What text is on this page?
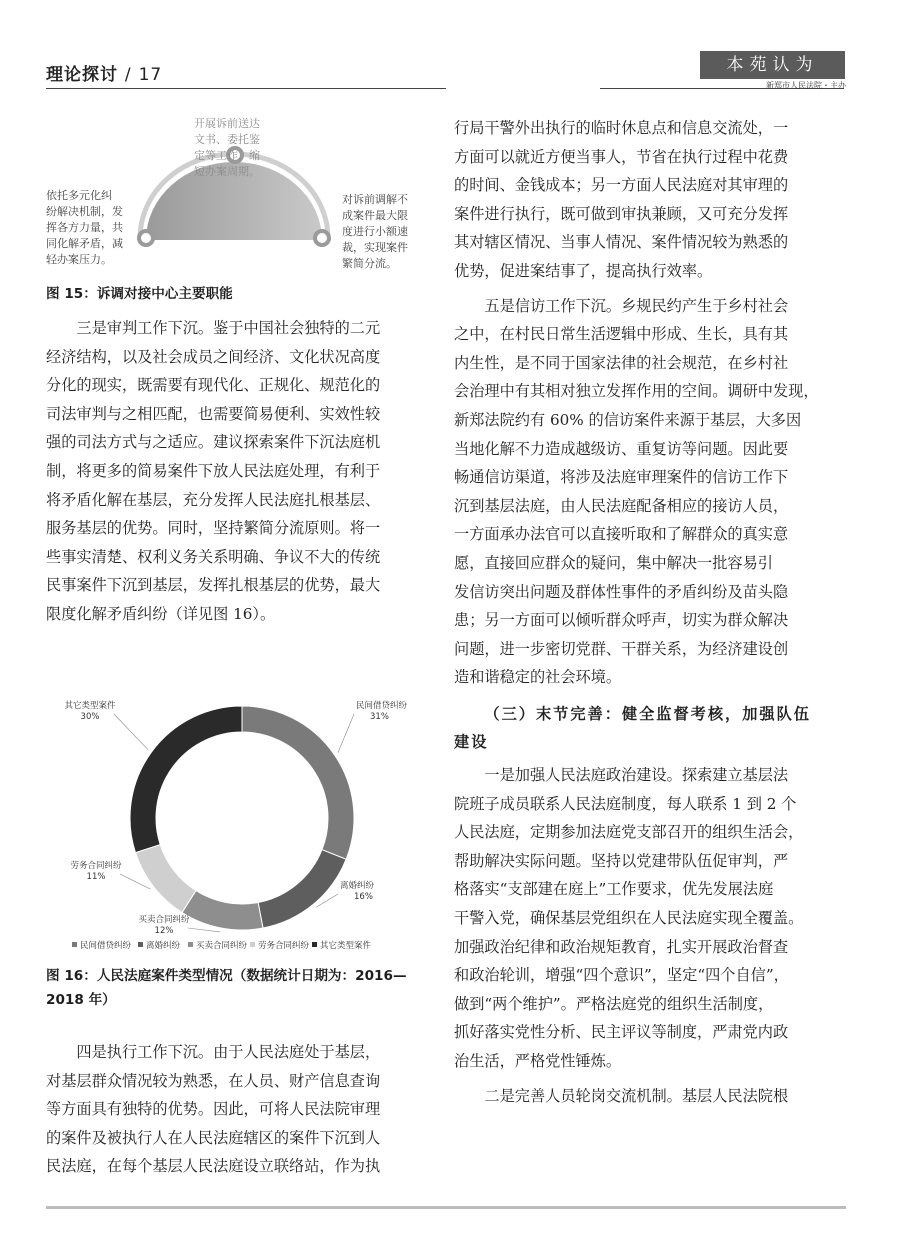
理论探讨 / 17	本苑认为
新郑市人民法院・主办
诉调对接中心
开展诉前送达
文书、委托鉴
定等工作，缩
短办案周期。
依托多元化纠
纷解决机制，发
挥各方力量，共
同化解矛盾，减
轻办案压力。
对诉前调解不
成案件最大限
度进行小额速
裁，实现案件
繁简分流。
图 15：诉调对接中心主要职能
三是审判工作下沉。鉴于中国社会独特的二元
经济结构，以及社会成员之间经济、文化状况高度
分化的现实，既需要有现代化、正规化、规范化的
司法审判与之相匹配，也需要简易便利、实效性较
强的司法方式与之适应。建议探索案件下沉法庭机
制，将更多的简易案件下放人民法庭处理，有利于
将矛盾化解在基层，充分发挥人民法庭扎根基层、
服务基层的优势。同时，坚持繁简分流原则。将一
些事实清楚、权利义务关系明确、争议不大的传统
民事案件下沉到基层，发挥扎根基层的优势，最大
限度化解矛盾纠纷（详见图 16）。
民间借贷纠纷
31%
离婚纠纷
16%
买卖合同纠纷
12%
劳务合同纠纷
11%
其它类型案件
30%
民间借贷纠纷 离婚纠纷 买卖合同纠纷 劳务合同纠纷 其它类型案件
图 16：人民法庭案件类型情况（数据统计日期为：2016—2018 年）
四是执行工作下沉。由于人民法庭处于基层，
对基层群众情况较为熟悉，在人员、财产信息查询
等方面具有独特的优势。因此，可将人民法院审理
的案件及被执行人在人民法庭辖区的案件下沉到人
民法庭，在每个基层人民法庭设立联络站，作为执
行局干警外出执行的临时休息点和信息交流处，一
方面可以就近方便当事人，节省在执行过程中花费
的时间、金钱成本；另一方面人民法庭对其审理的
案件进行执行，既可做到审执兼顾，又可充分发挥
其对辖区情况、当事人情况、案件情况较为熟悉的
优势，促进案结事了，提高执行效率。
五是信访工作下沉。乡规民约产生于乡村社会
之中，在村民日常生活逻辑中形成、生长，具有其
内生性，是不同于国家法律的社会规范，在乡村社
会治理中有其相对独立发挥作用的空间。调研中发现，
新郑法院约有 60% 的信访案件来源于基层，大多因
当地化解不力造成越级访、重复访等问题。因此要
畅通信访渠道，将涉及法庭审理案件的信访工作下
沉到基层法庭，由人民法庭配备相应的接访人员，
一方面承办法官可以直接听取和了解群众的真实意
愿，直接回应群众的疑问，集中解决一批容易引
发信访突出问题及群体性事件的矛盾纠纷及苗头隐
患；另一方面可以倾听群众呼声，切实为群众解决
问题，进一步密切党群、干群关系，为经济建设创
造和谐稳定的社会环境。
（三）末节完善：健全监督考核，加强队伍
建设
一是加强人民法庭政治建设。探索建立基层法
院班子成员联系人民法庭制度，每人联系 1 到 2 个
人民法庭，定期参加法庭党支部召开的组织生活会，
帮助解决实际问题。坚持以党建带队伍促审判，严
格落实“支部建在庭上”工作要求，优先发展法庭
干警入党，确保基层党组织在人民法庭实现全覆盖。
加强政治纪律和政治规矩教育，扎实开展政治督查
和政治轮训，增强“四个意识”，坚定“四个自信”，
做到“两个维护”。严格法庭党的组织生活制度，
抓好落实党性分析、民主评议等制度，严肃党内政
治生活，严格党性锤炼。
二是完善人员轮岗交流机制。基层人民法院根
